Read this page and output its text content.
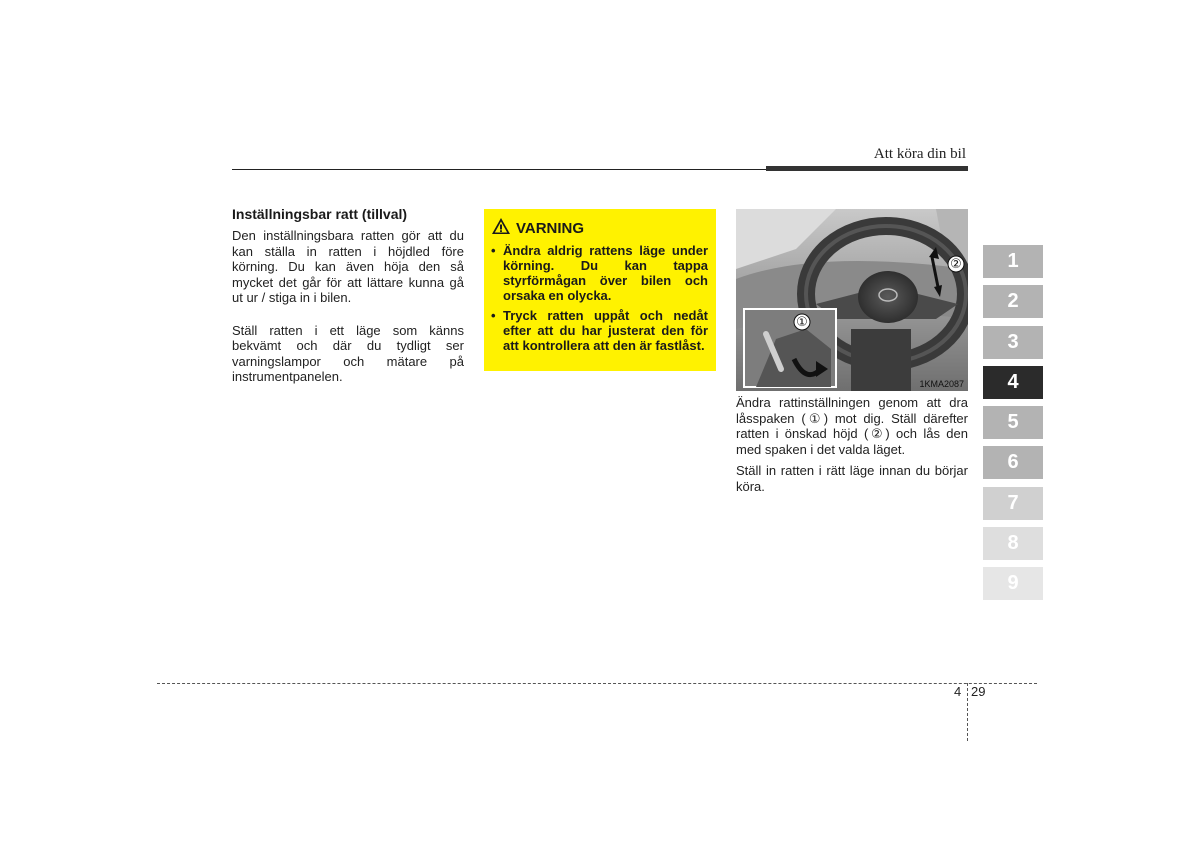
Att köra din bil
Inställningsbar ratt (tillval)

Den inställningsbara ratten gör att du kan ställa in ratten i höjdled före körning. Du kan även höja den så mycket det går för att lättare kunna gå ut ur / stiga in i bilen.

Ställ ratten i ett läge som känns bekvämt och där du tydligt ser varningslampor och mätare på instrumentpanelen.

VARNING
• Ändra aldrig rattens läge under körning. Du kan tappa styrförmågan över bilen och orsaka en olycka.
• Tryck ratten uppåt och nedåt efter att du har justerat den för att kontrollera att den är fastlåst.
①
②
1KMA2087

Ändra rattinställningen genom att dra låsspaken (①) mot dig. Ställ därefter ratten i önskad höjd (②) och lås den med spaken i det valda läget.

Ställ in ratten i rätt läge innan du börjar köra.

1
2
3
4
5
6
7
8
9
4 29
